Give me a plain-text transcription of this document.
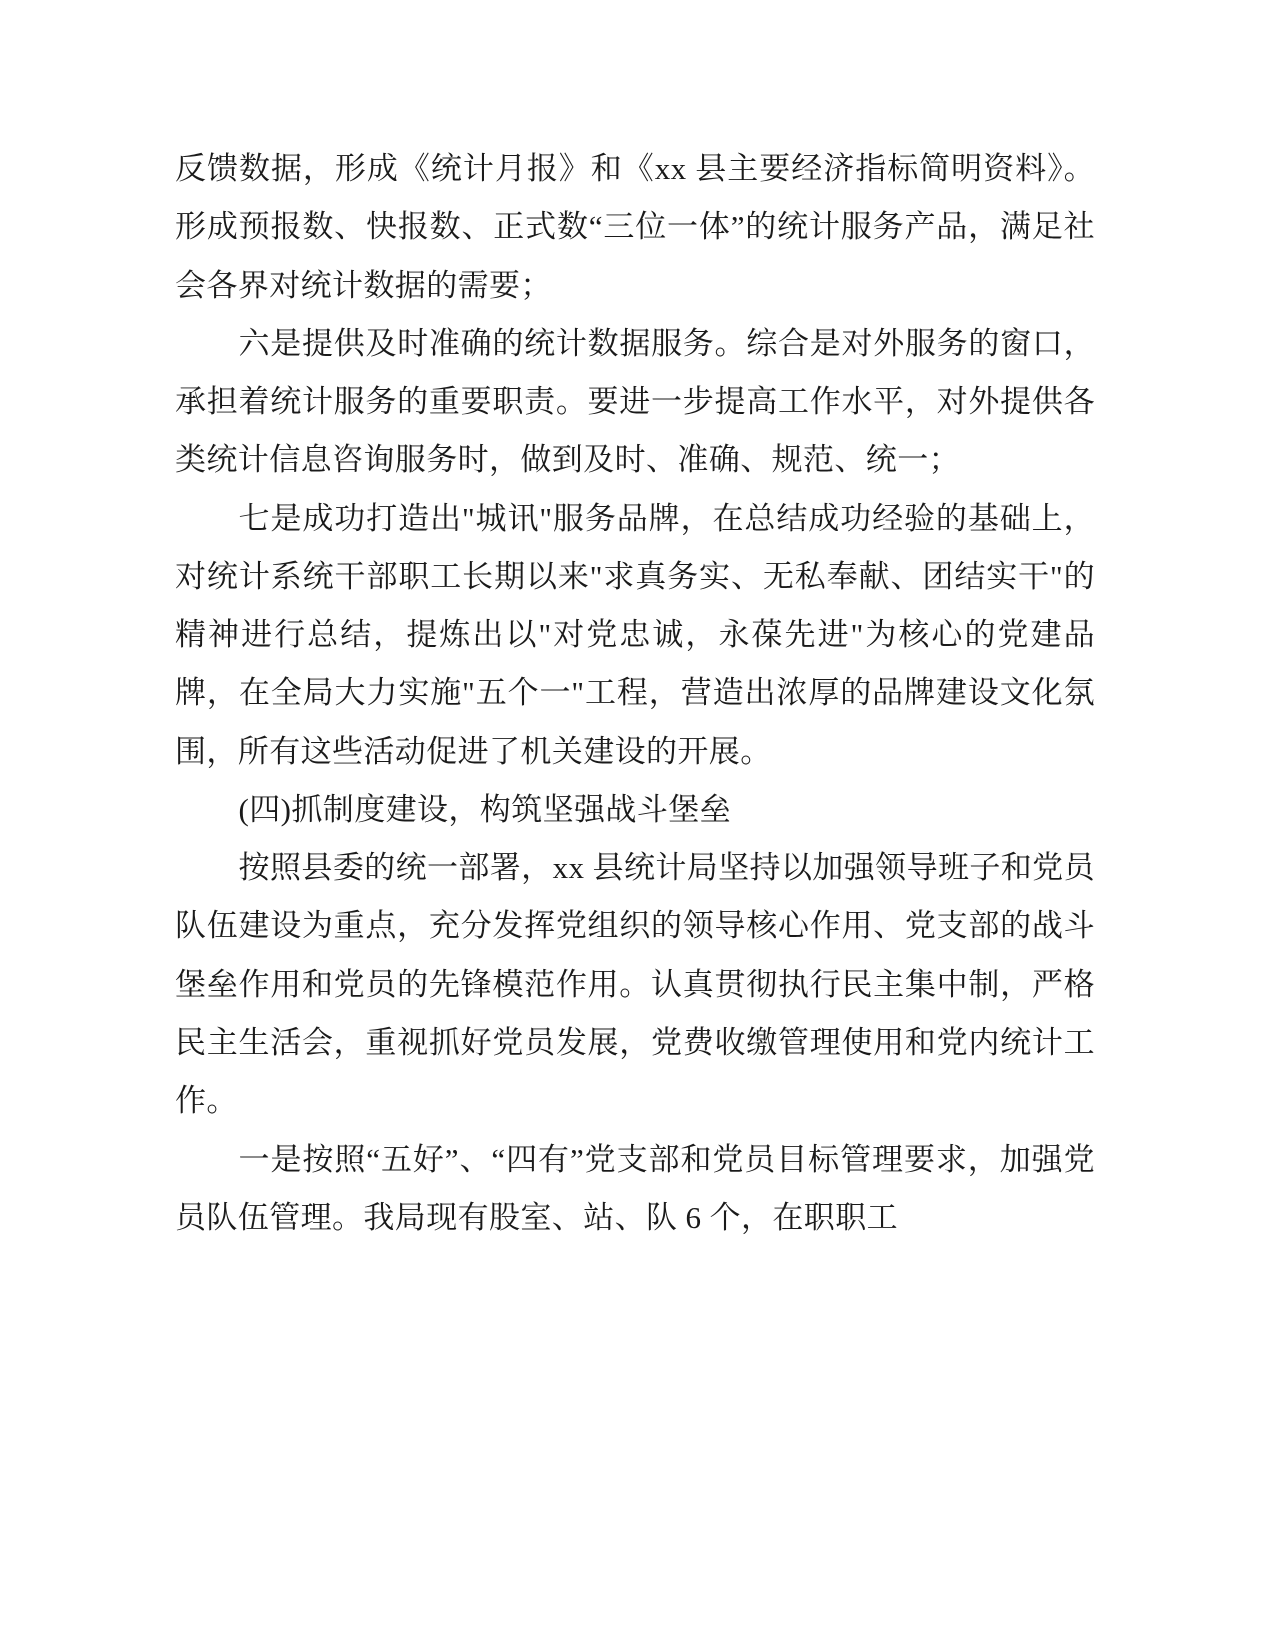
反馈数据，形成《统计月报》和《xx 县主要经济指标简明资料》。形成预报数、快报数、正式数“三位一体”的统计服务产品，满足社会各界对统计数据的需要；

六是提供及时准确的统计数据服务。综合是对外服务的窗口，承担着统计服务的重要职责。要进一步提高工作水平，对外提供各类统计信息咨询服务时，做到及时、准确、规范、统一；

七是成功打造出"城讯"服务品牌，在总结成功经验的基础上，对统计系统干部职工长期以来"求真务实、无私奉献、团结实干"的精神进行总结，提炼出以"对党忠诚，永葆先进"为核心的党建品牌，在全局大力实施"五个一"工程，营造出浓厚的品牌建设文化氛围，所有这些活动促进了机关建设的开展。

(四)抓制度建设，构筑坚强战斗堡垒

按照县委的统一部署，xx 县统计局坚持以加强领导班子和党员队伍建设为重点，充分发挥党组织的领导核心作用、党支部的战斗堡垒作用和党员的先锋模范作用。认真贯彻执行民主集中制，严格民主生活会，重视抓好党员发展，党费收缴管理使用和党内统计工作。

一是按照“五好”、“四有”党支部和党员目标管理要求，加强党员队伍管理。我局现有股室、站、队 6 个，在职职工
